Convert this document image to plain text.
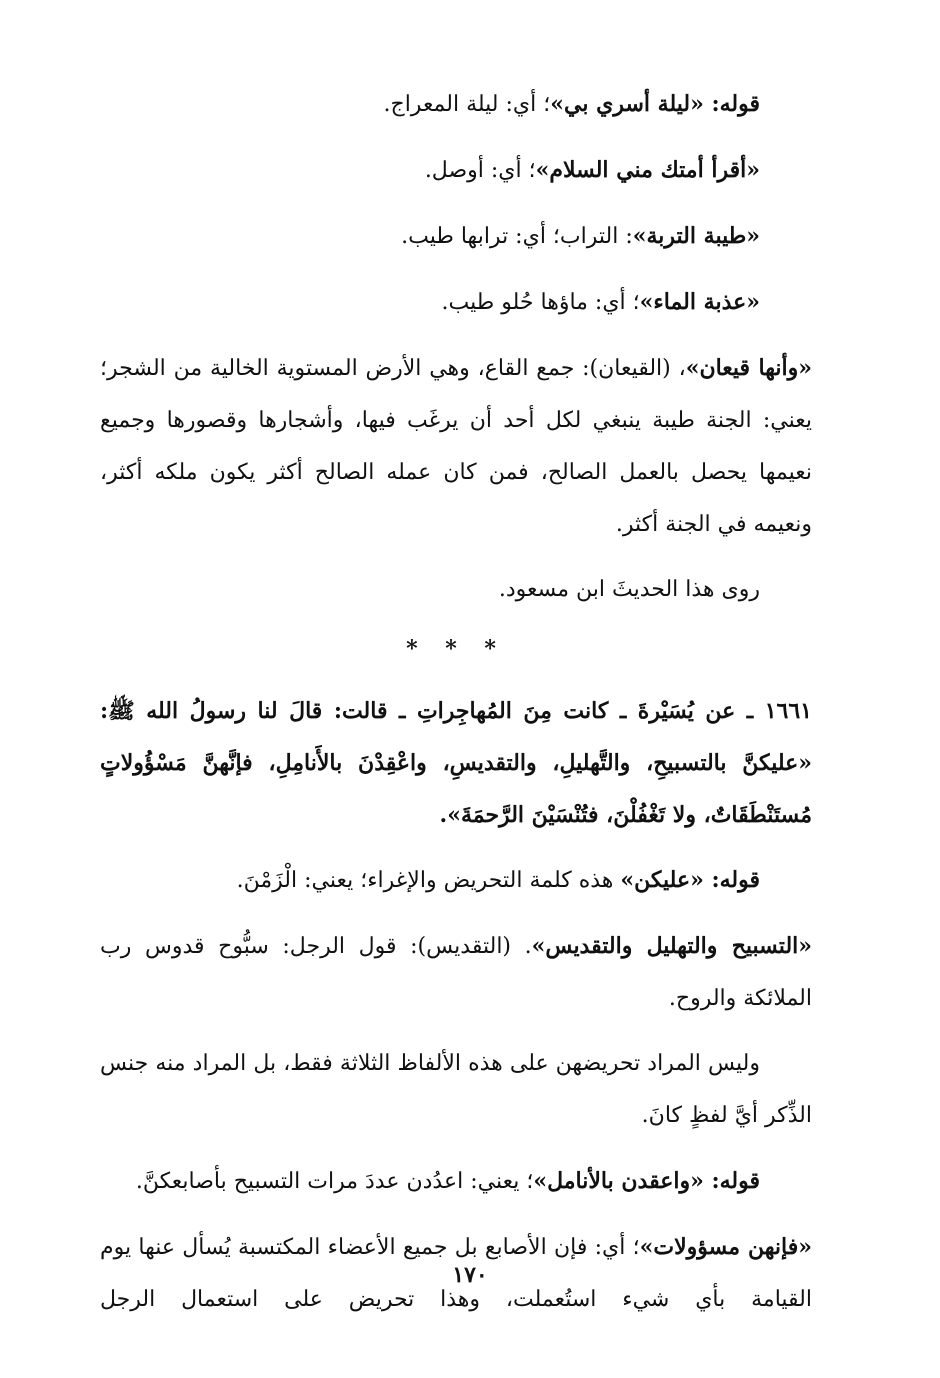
قوله: «ليلة أسري بي»؛ أي: ليلة المعراج.

«أقرأ أمتك مني السلام»؛ أي: أوصل.

«طيبة التربة»: التراب؛ أي: ترابها طيب.

«عذبة الماء»؛ أي: ماؤها حُلو طيب.

«وأنها قيعان»، (القيعان): جمع القاع، وهي الأرض المستوية الخالية من الشجر؛ يعني: الجنة طيبة ينبغي لكل أحد أن يرغَب فيها، وأشجارها وقصورها وجميع نعيمها يحصل بالعمل الصالح، فمن كان عمله الصالح أكثر يكون ملكه أكثر، ونعيمه في الجنة أكثر.

روى هذا الحديثَ ابن مسعود.

* * *

١٦٦١ ـ عن يُسَيْرةَ ـ كانت مِنَ المُهاجِراتِ ـ قالت: قالَ لنا رسولُ الله ﷺ: «عليكنَّ بالتسبيحِ، والتَّهليلِ، والتقديسِ، واعْقِدْنَ بالأَنامِلِ، فإنَّهنَّ مَسْؤُولاتٍ مُستَنْطَقَاتٌ، ولا تَغْفُلْنَ، فتُنْسَيْنَ الرَّحمَةَ».

قوله: «عليكن» هذه كلمة التحريض والإغراء؛ يعني: الْزَمْنَ.

«التسبيح والتهليل والتقديس». (التقديس): قول الرجل: سبُّوح قدوس رب الملائكة والروح.

وليس المراد تحريضهن على هذه الألفاظ الثلاثة فقط، بل المراد منه جنس الذِّكر أيَّ لفظٍ كانَ.

قوله: «واعقدن بالأنامل»؛ يعني: اعدُدن عددَ مرات التسبيح بأصابعكنَّ.

«فإنهن مسؤولات»؛ أي: فإن الأصابع بل جميع الأعضاء المكتسبة يُسأل عنها يوم القيامة بأي شيء استُعملت، وهذا تحريض على استعمال الرجل

١٧٠
